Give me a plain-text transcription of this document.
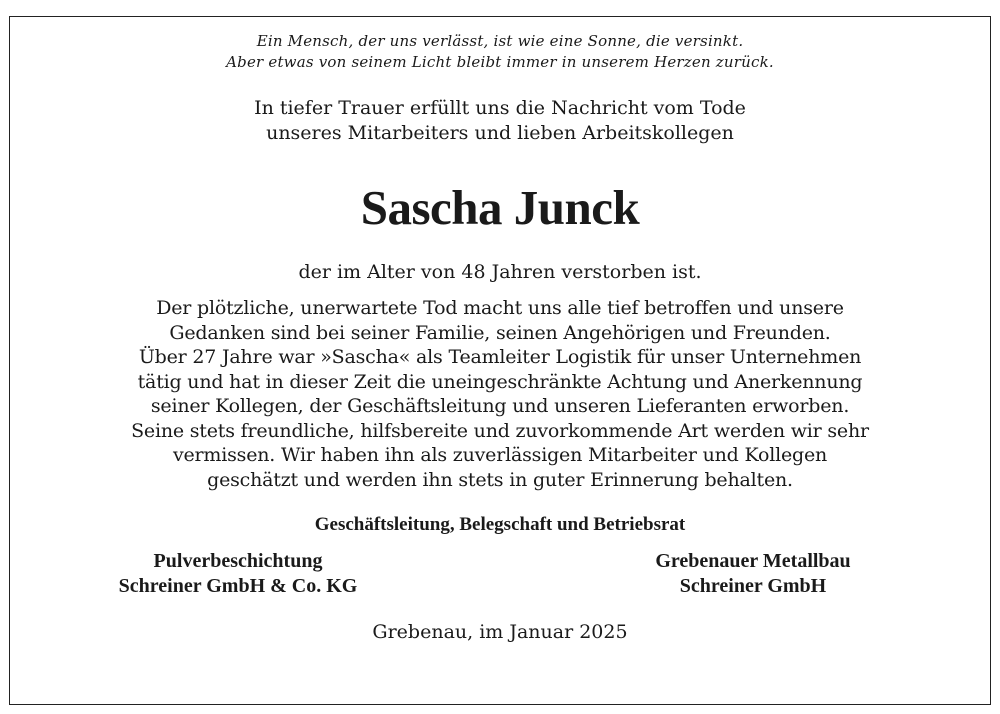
Ein Mensch, der uns verlässt, ist wie eine Sonne, die versinkt.
Aber etwas von seinem Licht bleibt immer in unserem Herzen zurück.
In tiefer Trauer erfüllt uns die Nachricht vom Tode
unseres Mitarbeiters und lieben Arbeitskollegen
Sascha Junck
der im Alter von 48 Jahren verstorben ist.
Der plötzliche, unerwartete Tod macht uns alle tief betroffen und unsere
Gedanken sind bei seiner Familie, seinen Angehörigen und Freunden.
Über 27 Jahre war »Sascha« als Teamleiter Logistik für unser Unternehmen
tätig und hat in dieser Zeit die uneingeschränkte Achtung und Anerkennung
seiner Kollegen, der Geschäftsleitung und unseren Lieferanten erworben.
Seine stets freundliche, hilfsbereite und zuvorkommende Art werden wir sehr
vermissen. Wir haben ihn als zuverlässigen Mitarbeiter und Kollegen
geschätzt und werden ihn stets in guter Erinnerung behalten.
Geschäftsleitung, Belegschaft und Betriebsrat
Pulverbeschichtung
Schreiner GmbH & Co. KG
Grebenauer Metallbau
Schreiner GmbH
Grebenau, im Januar 2025
